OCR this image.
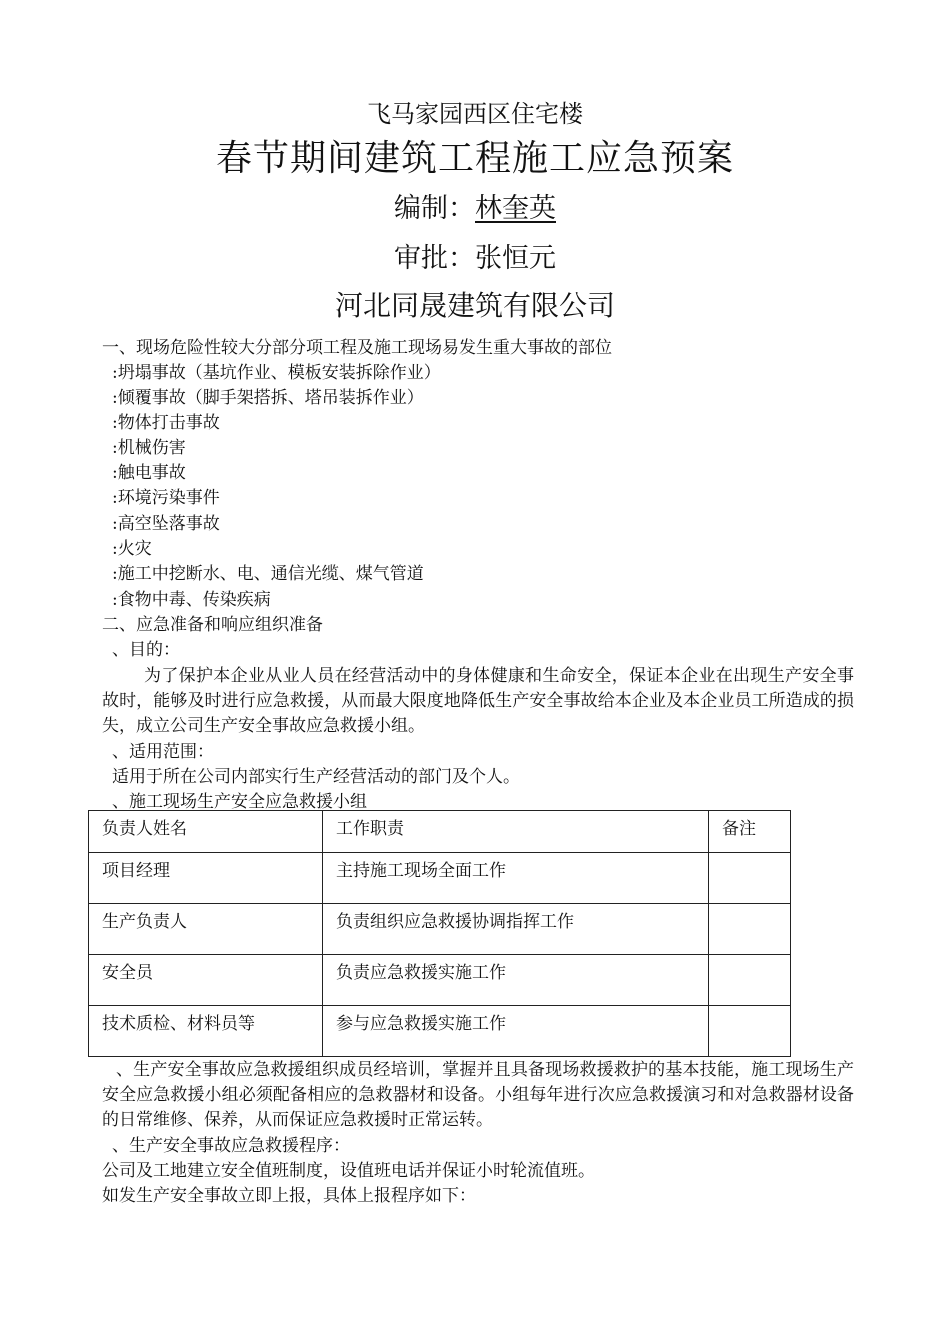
飞马家园西区住宅楼
春节期间建筑工程施工应急预案
编制：林奎英
审批：张恒元
河北同晟建筑有限公司
一、现场危险性较大分部分项工程及施工现场易发生重大事故的部位
:坍塌事故（基坑作业、模板安装拆除作业）
:倾覆事故（脚手架搭拆、塔吊装拆作业）
:物体打击事故
:机械伤害
:触电事故
:环境污染事件
:高空坠落事故
:火灾
:施工中挖断水、电、通信光缆、煤气管道
:食物中毒、传染疾病
二、应急准备和响应组织准备
、目的：
为了保护本企业从业人员在经营活动中的身体健康和生命安全，保证本企业在出现生产安全事故时，能够及时进行应急救援，从而最大限度地降低生产安全事故给本企业及本企业员工所造成的损失，成立公司生产安全事故应急救援小组。
、适用范围：
适用于所在公司内部实行生产经营活动的部门及个人。
、施工现场生产安全应急救援小组
负责人姓名	工作职责	备注
项目经理	主持施工现场全面工作	
生产负责人	负责组织应急救援协调指挥工作	
安全员	负责应急救援实施工作	
技术质检、材料员等	参与应急救援实施工作	
、生产安全事故应急救援组织成员经培训，掌握并且具备现场救援救护的基本技能，施工现场生产安全应急救援小组必须配备相应的急救器材和设备。小组每年进行次应急救援演习和对急救器材设备的日常维修、保养，从而保证应急救援时正常运转。
、生产安全事故应急救援程序：
公司及工地建立安全值班制度，设值班电话并保证小时轮流值班。
如发生产安全事故立即上报，具体上报程序如下：
